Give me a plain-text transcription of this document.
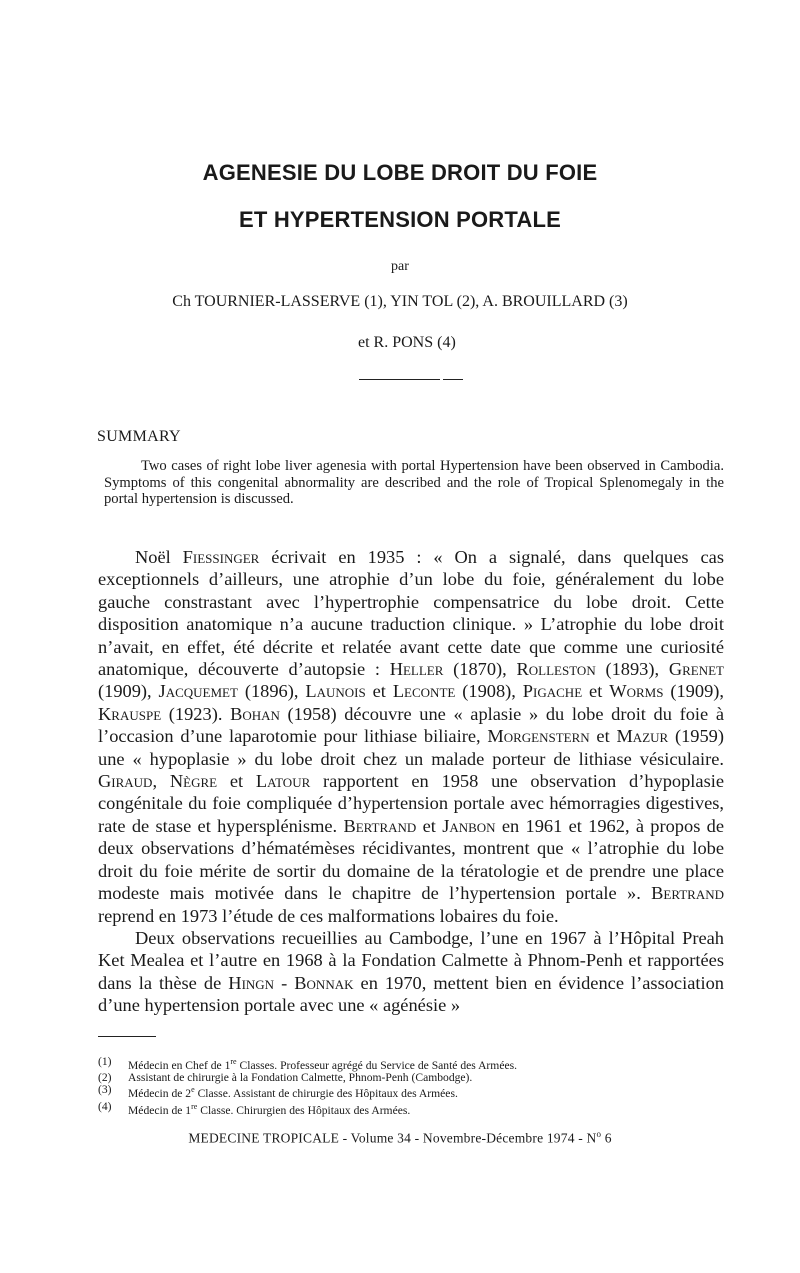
AGENESIE DU LOBE DROIT DU FOIE
ET HYPERTENSION PORTALE
par
Ch TOURNIER-LASSERVE (1), YIN TOL (2), A. BROUILLARD (3)
et R. PONS (4)
SUMMARY
Two cases of right lobe liver agenesia with portal Hypertension have been observed in Cambodia. Symptoms of this congenital abnormality are described and the role of Tropical Splenomegaly in the portal hypertension is discussed.

Noël Fiessinger écrivait en 1935 : « On a signalé, dans quelques cas exceptionnels d’ailleurs, une atrophie d’un lobe du foie, généralement du lobe gauche constrastant avec l’hypertrophie compensatrice du lobe droit. Cette disposition anatomique n’a aucune traduction clinique. » L’atrophie du lobe droit n’avait, en effet, été décrite et relatée avant cette date que comme une curiosité anatomique, découverte d’autopsie : Heller (1870), Rolleston (1893), Grenet (1909), Jacquemet (1896), Launois et Leconte (1908), Pigache et Worms (1909), Krauspe (1923). Bohan (1958) découvre une « aplasie » du lobe droit du foie à l’occasion d’une laparotomie pour lithiase biliaire, Morgenstern et Mazur (1959) une « hypoplasie » du lobe droit chez un malade porteur de lithiase vésiculaire. Giraud, Nègre et Latour rapportent en 1958 une observation d’hypoplasie congénitale du foie compliquée d’hypertension portale avec hémorragies digestives, rate de stase et hypersplénisme. Bertrand et Janbon en 1961 et 1962, à propos de deux observations d’hématémèses récidivantes, montrent que « l’atrophie du lobe droit du foie mérite de sortir du domaine de la tératologie et de prendre une place modeste mais motivée dans le chapitre de l’hypertension portale ». Bertrand reprend en 1973 l’étude de ces malformations lobaires du foie.

Deux observations recueillies au Cambodge, l’une en 1967 à l’Hôpital Preah Ket Mealea et l’autre en 1968 à la Fondation Calmette à Phnom-Penh et rapportées dans la thèse de Hingn - Bonnak en 1970, mettent bien en évidence l’association d’une hypertension portale avec une « agénésie »

(1)	Médecin en Chef de 1re Classes. Professeur agrégé du Service de Santé des Armées.
(2)	Assistant de chirurgie à la Fondation Calmette, Phnom-Penh (Cambodge).
(3)	Médecin de 2e Classe. Assistant de chirurgie des Hôpitaux des Armées.
(4)	Médecin de 1re Classe. Chirurgien des Hôpitaux des Armées.
MEDECINE TROPICALE - Volume 34 - Novembre-Décembre $1974 - N^o$ 6
